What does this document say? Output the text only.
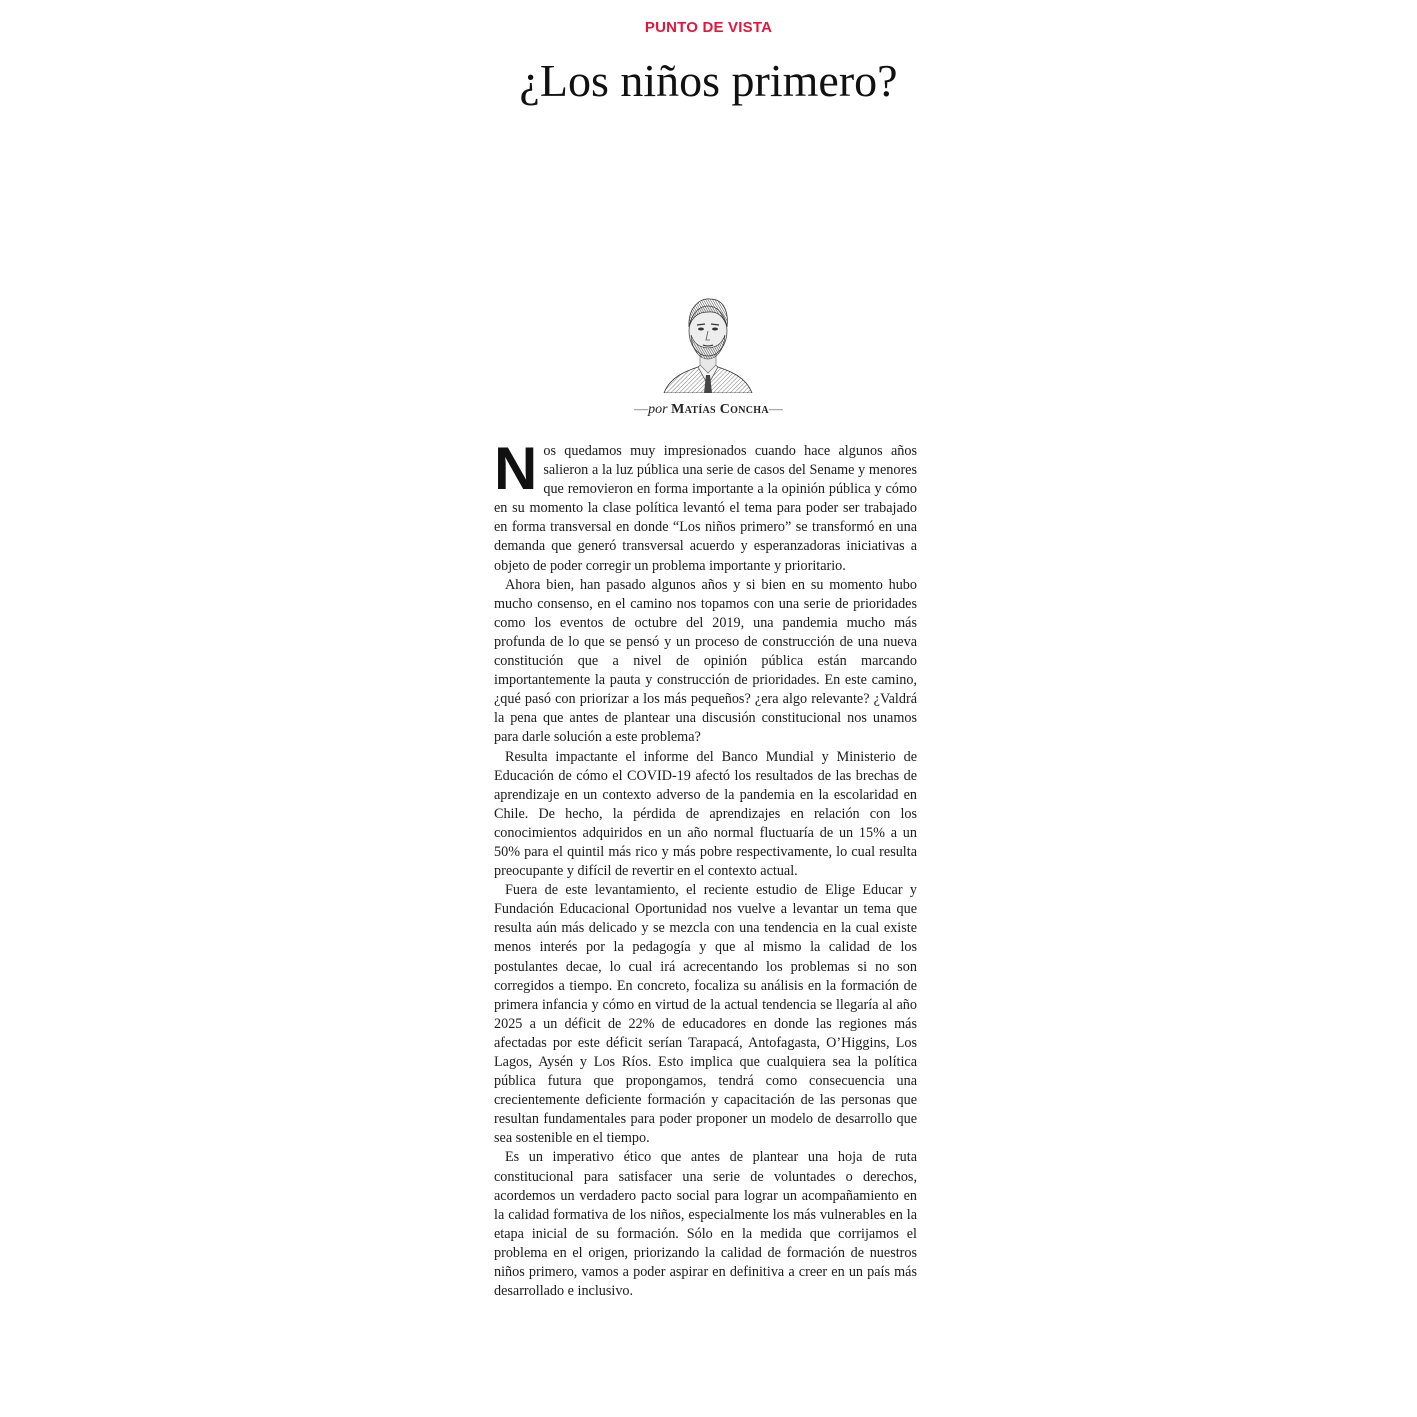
PUNTO DE VISTA
¿Los niños primero?
—por Matías Concha—

Nos quedamos muy impresionados cuando hace algunos años salieron a la luz pública una serie de casos del Sename y menores que removieron en forma importante a la opinión pública y cómo en su momento la clase política levantó el tema para poder ser trabajado en forma transversal en donde “Los niños primero” se transformó en una demanda que generó transversal acuerdo y esperanzadoras iniciativas a objeto de poder corregir un problema importante y prioritario.

Ahora bien, han pasado algunos años y si bien en su momento hubo mucho consenso, en el camino nos topamos con una serie de prioridades como los eventos de octubre del 2019, una pandemia mucho más profunda de lo que se pensó y un proceso de construcción de una nueva constitución que a nivel de opinión pública están marcando importantemente la pauta y construcción de prioridades. En este camino, ¿qué pasó con priorizar a los más pequeños? ¿era algo relevante? ¿Valdrá la pena que antes de plantear una discusión constitucional nos unamos para darle solución a este problema?

Resulta impactante el informe del Banco Mundial y Ministerio de Educación de cómo el COVID-19 afectó los resultados de las brechas de aprendizaje en un contexto adverso de la pandemia en la escolaridad en Chile. De hecho, la pérdida de aprendizajes en relación con los conocimientos adquiridos en un año normal fluctuaría de un 15% a un 50% para el quintil más rico y más pobre respectivamente, lo cual resulta preocupante y difícil de revertir en el contexto actual.

Fuera de este levantamiento, el reciente estudio de Elige Educar y Fundación Educacional Oportunidad nos vuelve a levantar un tema que resulta aún más delicado y se mezcla con una tendencia en la cual existe menos interés por la pedagogía y que al mismo la calidad de los postulantes decae, lo cual irá acrecentando los problemas si no son corregidos a tiempo. En concreto, focaliza su análisis en la formación de primera infancia y cómo en virtud de la actual tendencia se llegaría al año 2025 a un déficit de 22% de educadores en donde las regiones más afectadas por este déficit serían Tarapacá, Antofagasta, O’Higgins, Los Lagos, Aysén y Los Ríos. Esto implica que cualquiera sea la política pública futura que propongamos, tendrá como consecuencia una crecientemente deficiente formación y capacitación de las personas que resultan fundamentales para poder proponer un modelo de desarrollo que sea sostenible en el tiempo.

Es un imperativo ético que antes de plantear una hoja de ruta constitucional para satisfacer una serie de voluntades o derechos, acordemos un verdadero pacto social para lograr un acompañamiento en la calidad formativa de los niños, especialmente los más vulnerables en la etapa inicial de su formación. Sólo en la medida que corrijamos el problema en el origen, priorizando la calidad de formación de nuestros niños primero, vamos a poder aspirar en definitiva a creer en un país más desarrollado e inclusivo.
